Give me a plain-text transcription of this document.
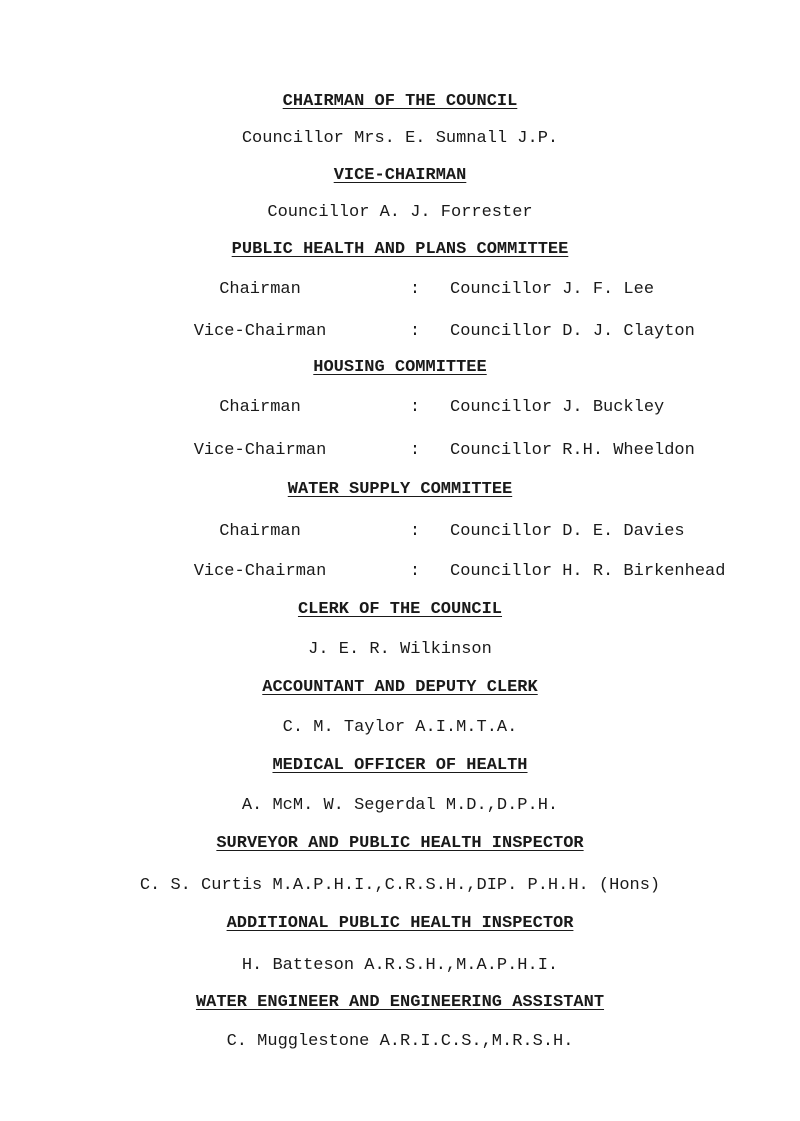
CHAIRMAN OF THE COUNCIL
Councillor Mrs. E. Sumnall J.P.
VICE-CHAIRMAN
Councillor A. J. Forrester
PUBLIC HEALTH AND PLANS COMMITTEE
Chairman	: Councillor J. F. Lee
Vice-Chairman	: Councillor D. J. Clayton
HOUSING COMMITTEE
Chairman	: Councillor J. Buckley
Vice-Chairman	: Councillor R.H. Wheeldon
WATER SUPPLY COMMITTEE
Chairman	: Councillor D. E. Davies
Vice-Chairman	: Councillor H. R. Birkenhead
CLERK OF THE COUNCIL
J. E. R. Wilkinson
ACCOUNTANT AND DEPUTY CLERK
C. M. Taylor A.I.M.T.A.
MEDICAL OFFICER OF HEALTH
A. McM. W. Segerdal M.D.,D.P.H.
SURVEYOR AND PUBLIC HEALTH INSPECTOR
C. S. Curtis M.A.P.H.I.,C.R.S.H.,DIP. P.H.H. (Hons)
ADDITIONAL PUBLIC HEALTH INSPECTOR
H. Batteson A.R.S.H.,M.A.P.H.I.
WATER ENGINEER AND ENGINEERING ASSISTANT
C. Mugglestone A.R.I.C.S.,M.R.S.H.
